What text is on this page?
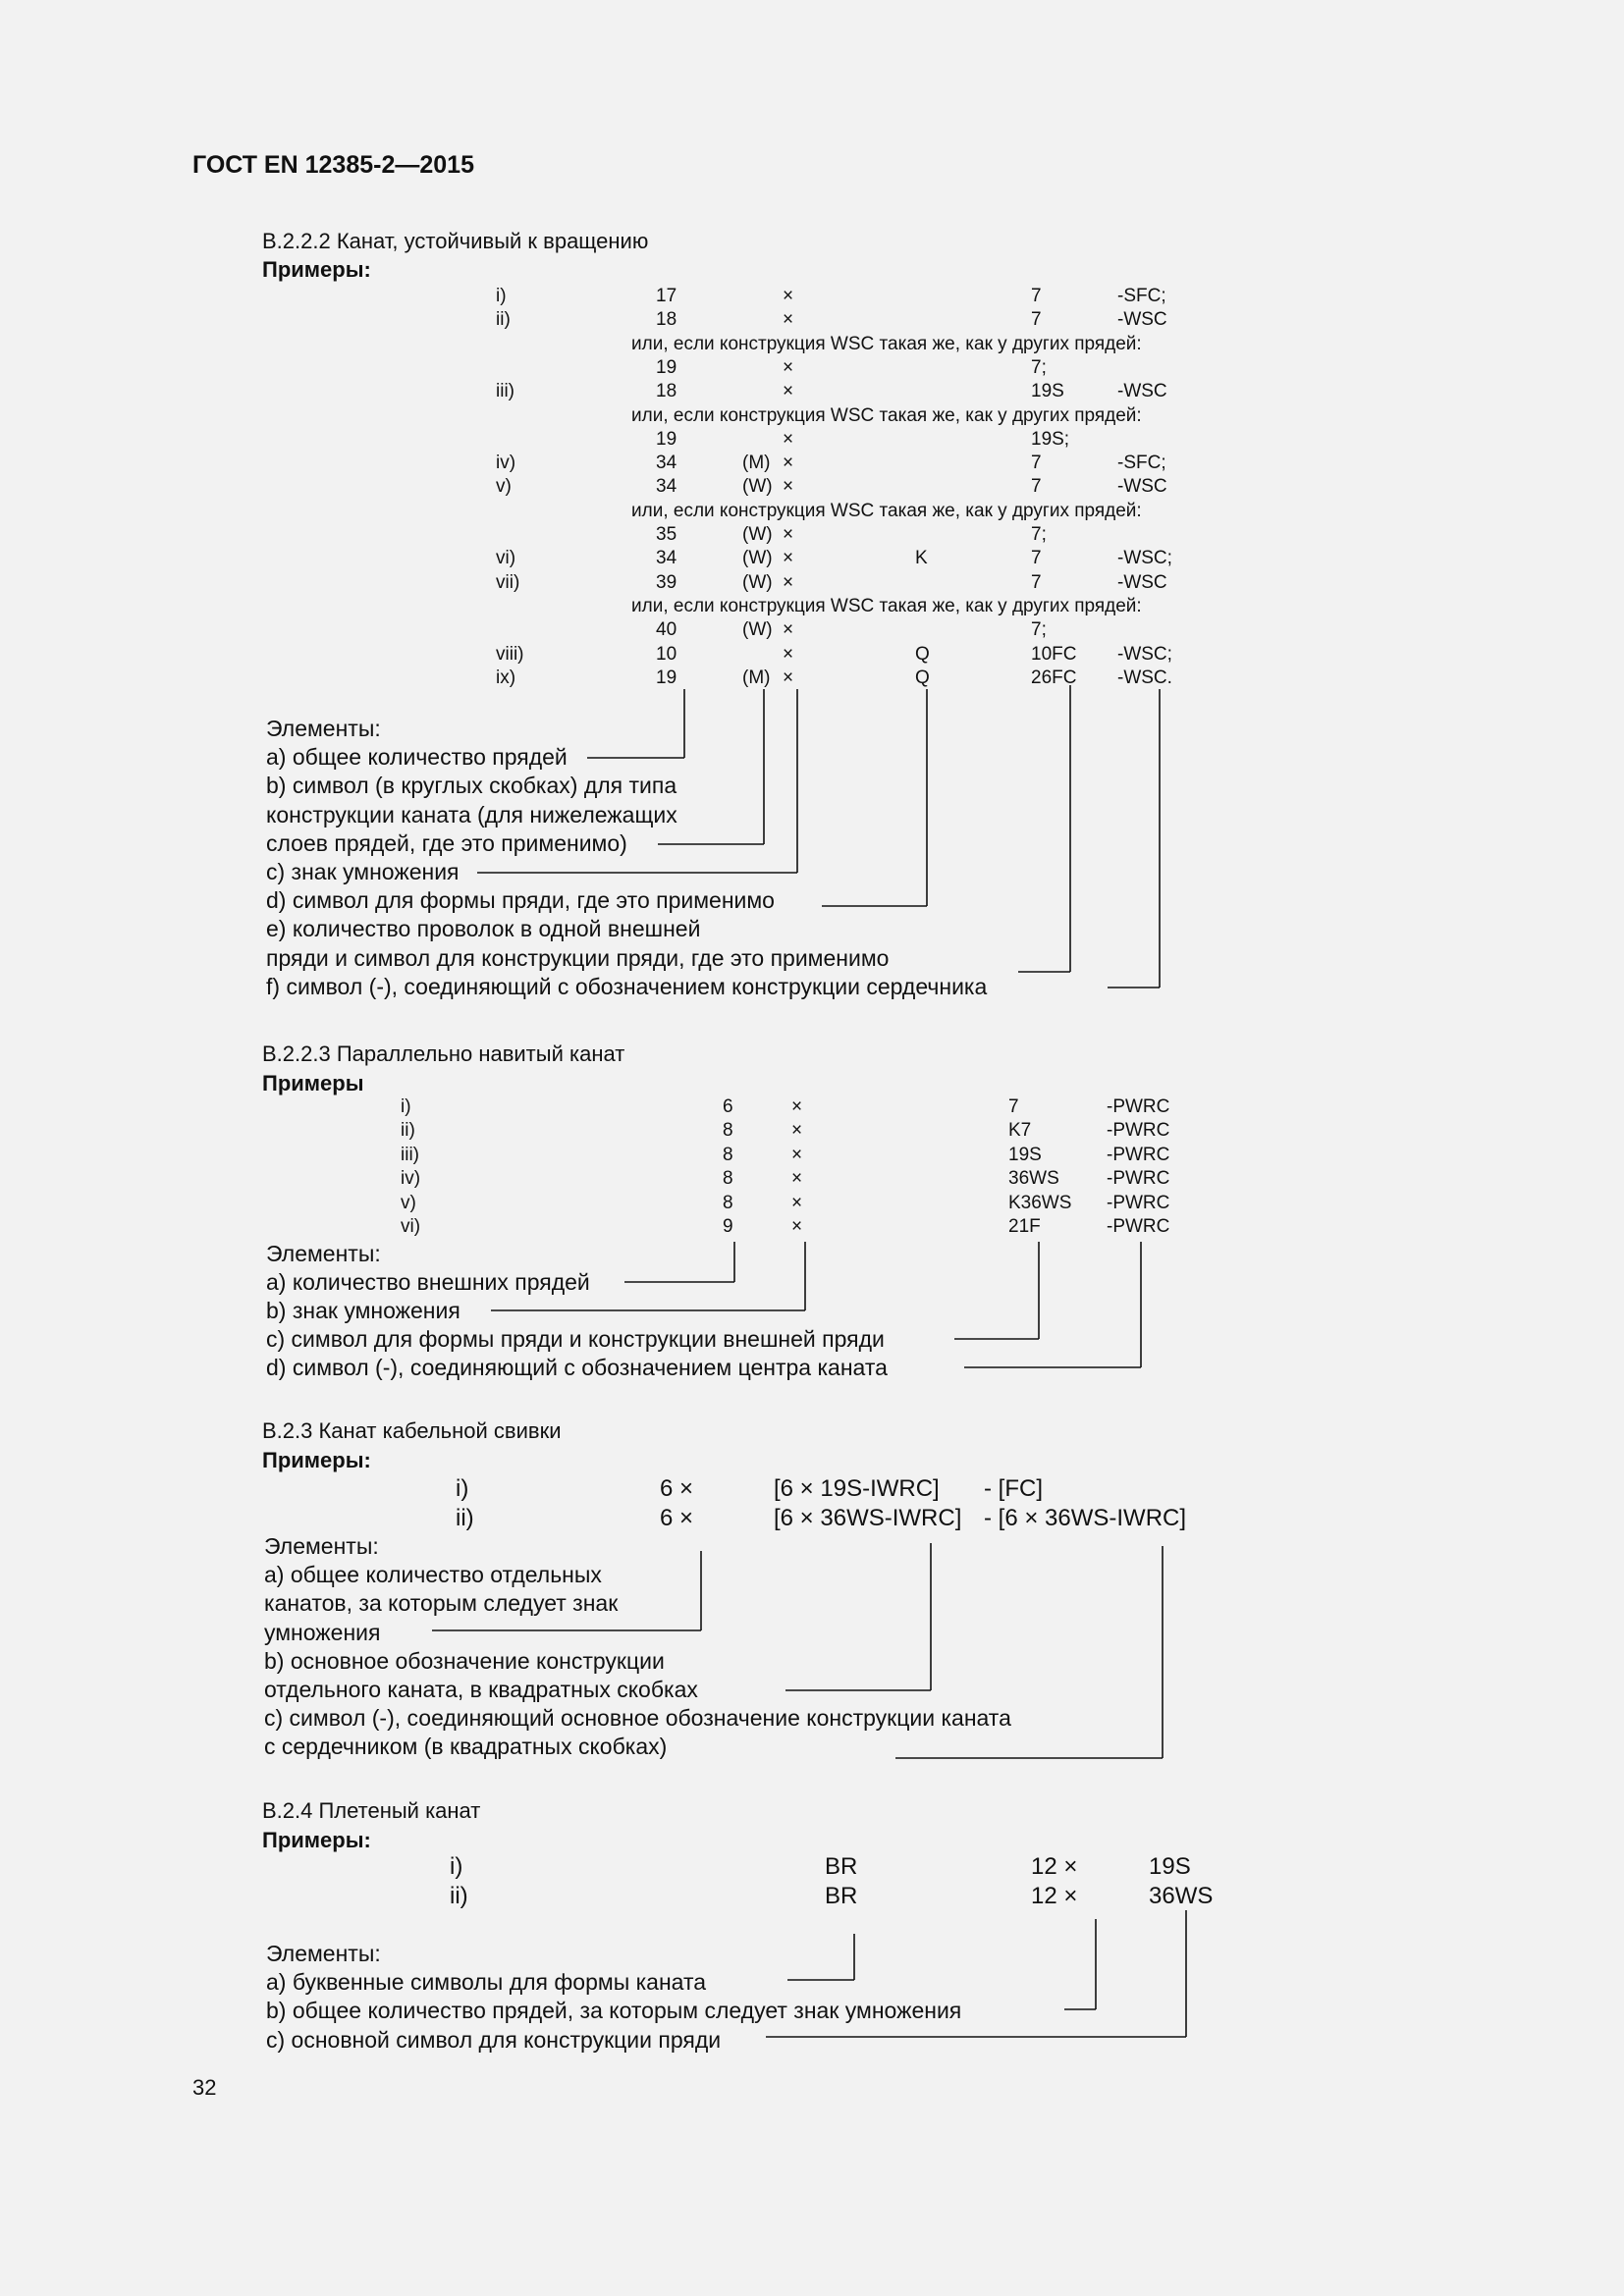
ГОСТ EN 12385-2—2015
B.2.2.2 Канат, устойчивый к вращению
Примеры:
i)	17	×	7	-SFC;
ii)	18	×	7	-WSC
или, если конструкция WSC такая же, как у других прядей:
19	×	7;
iii)	18	×	19S	-WSC
или, если конструкция WSC такая же, как у других прядей:
19	×	19S;
iv)	34	(M) ×	7	-SFC;
v)	34	(W) ×	7	-WSC
или, если конструкция WSC такая же, как у других прядей:
35	(W) ×	7;
vi)	34	(W) ×	K	7	-WSC;
vii)	39	(W) ×	7	-WSC
или, если конструкция WSC такая же, как у других прядей:
40	(W) ×	7;
viii)	10	×	Q	10FC -WSC;
ix)	19	(M) ×	Q	26FC -WSC.
Элементы:
a) общее количество прядей
b) символ (в круглых скобках) для типа
конструкции каната (для нижележащих
слоев прядей, где это применимо)
c) знак умножения
d) символ для формы пряди, где это применимо
e) количество проволок в одной внешней
пряди и символ для конструкции пряди, где это применимо
f) символ (-), соединяющий с обозначением конструкции сердечника
B.2.2.3 Параллельно навитый канат
Примеры
i)	6	×	7	-PWRC
ii)	8	×	K7	-PWRC
iii)	8	×	19S	-PWRC
iv)	8	×	36WS	-PWRC
v)	8	×	K36WS -PWRC
vi)	9	×	21F	-PWRC
Элементы:
a) количество внешних прядей
b) знак умножения
c) символ для формы пряди и конструкции внешней пряди
d) символ (-), соединяющий с обозначением центра каната
B.2.3 Канат кабельной свивки
Примеры:
i)	6 ×	[6 × 19S-IWRC] - [FC]
ii)	6 ×	[6 × 36WS-IWRC] - [6 × 36WS-IWRC]
Элементы:
a) общее количество отдельных
канатов, за которым следует знак
умножения
b) основное обозначение конструкции
отдельного каната, в квадратных скобках
c) символ (-), соединяющий основное обозначение конструкции каната
с сердечником (в квадратных скобках)
B.2.4 Плетеный канат
Примеры:
i)	BR	12 ×	19S
ii)	BR	12 ×	36WS
Элементы:
a) буквенные символы для формы каната
b) общее количество прядей, за которым следует знак умножения
c) основной символ для конструкции пряди
32
